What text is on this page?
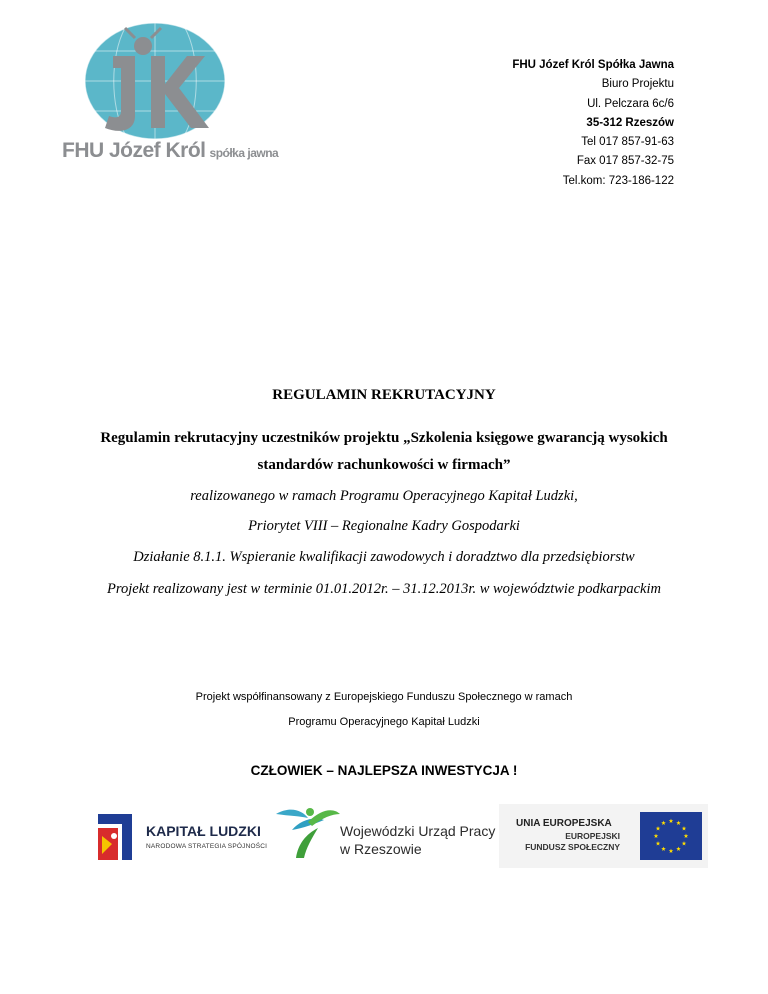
FHU Józef Król spółka jawna
FHU Józef Król Spółka Jawna
Biuro Projektu
Ul. Pelczara 6c/6
35-312 Rzeszów
Tel 017 857-91-63
Fax 017 857-32-75
Tel.kom: 723-186-122
REGULAMIN REKRUTACYJNY
Regulamin rekrutacyjny uczestników projektu „Szkolenia księgowe gwarancją wysokich
standardów rachunkowości w firmach”
realizowanego w ramach Programu Operacyjnego Kapitał Ludzki,
Priorytet VIII – Regionalne Kadry Gospodarki
Działanie 8.1.1. Wspieranie kwalifikacji zawodowych i doradztwo dla przedsiębiorstw
Projekt realizowany jest w terminie 01.01.2012r. – 31.12.2013r. w województwie podkarpackim
Projekt współfinansowany z Europejskiego Funduszu Społecznego w ramach
Programu Operacyjnego Kapitał Ludzki
CZŁOWIEK – NAJLEPSZA INWESTYCJA !
KAPITAŁ LUDZKI
NARODOWA STRATEGIA SPÓJNOŚCI
Wojewódzki Urząd Pracy
w Rzeszowie
UNIA EUROPEJSKA
EUROPEJSKI
FUNDUSZ SPOŁECZNY
